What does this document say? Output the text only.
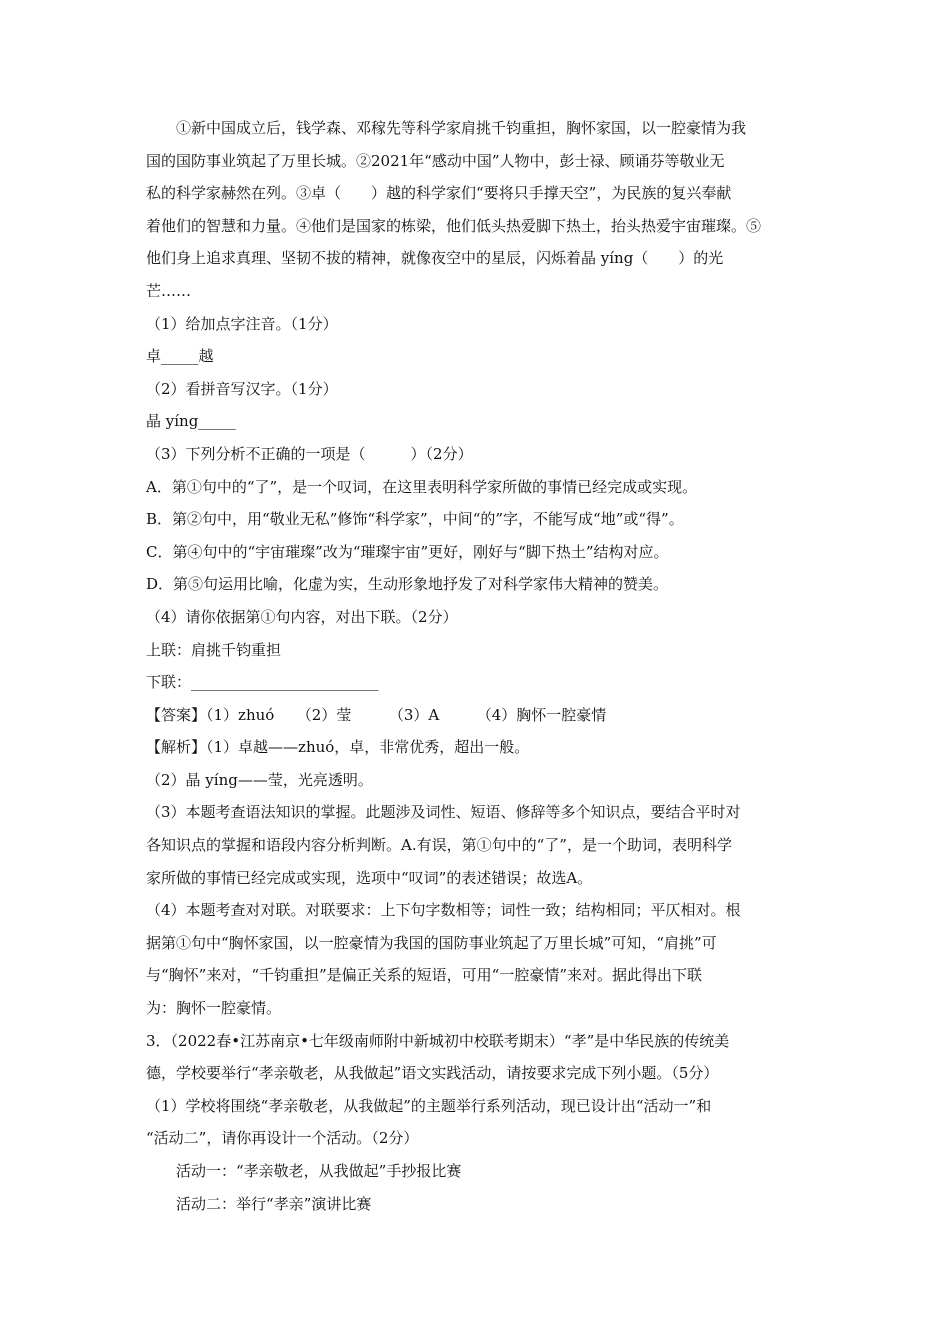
①新中国成立后，钱学森、邓稼先等科学家肩挑千钧重担，胸怀家国，以一腔豪情为我
国的国防事业筑起了万里长城。②2021年“感动中国”人物中，彭士禄、顾诵芬等敬业无
私的科学家赫然在列。③卓（　　）越的科学家们“要将只手撑天空”，为民族的复兴奉献
着他们的智慧和力量。④他们是国家的栋梁，他们低头热爱脚下热土，抬头热爱宇宙璀璨。⑤
他们身上追求真理、坚韧不拔的精神，就像夜空中的星辰，闪烁着晶 yíng（　　）的光
芒……
（1）给加点字注音。（1分）
卓_____越
（2）看拼音写汉字。（1分）
晶 yíng_____
（3）下列分析不正确的一项是（　　　）（2分）
A．第①句中的“了”，是一个叹词，在这里表明科学家所做的事情已经完成或实现。
B．第②句中，用“敬业无私”修饰“科学家”，中间“的”字，不能写成“地”或“得”。
C．第④句中的“宇宙璀璨”改为“璀璨宇宙”更好，刚好与“脚下热土”结构对应。
D．第⑤句运用比喻，化虚为实，生动形象地抒发了对科学家伟大精神的赞美。
（4）请你依据第①句内容，对出下联。（2分）
上联：肩挑千钧重担
下联：_________________________
【答案】（1）zhuó　　（2）莹　　　（3）A　　　（4）胸怀一腔豪情
【解析】（1）卓越——zhuó，卓，非常优秀，超出一般。
（2）晶 yíng——莹，光亮透明。
（3）本题考查语法知识的掌握。此题涉及词性、短语、修辞等多个知识点，要结合平时对
各知识点的掌握和语段内容分析判断。A.有误，第①句中的“了”，是一个助词，表明科学
家所做的事情已经完成或实现，选项中“叹词”的表述错误；故选A。
（4）本题考查对对联。对联要求：上下句字数相等；词性一致；结构相同；平仄相对。根
据第①句中“胸怀家国，以一腔豪情为我国的国防事业筑起了万里长城”可知，“肩挑”可
与“胸怀”来对，“千钧重担”是偏正关系的短语，可用“一腔豪情”来对。据此得出下联
为：胸怀一腔豪情。
3．（2022春•江苏南京•七年级南师附中新城初中校联考期末）“孝”是中华民族的传统美
德，学校要举行“孝亲敬老，从我做起”语文实践活动，请按要求完成下列小题。（5分）
（1）学校将围绕“孝亲敬老，从我做起”的主题举行系列活动，现已设计出“活动一”和
“活动二”，请你再设计一个活动。（2分）
活动一：“孝亲敬老，从我做起”手抄报比赛
活动二：举行“孝亲”演讲比赛
